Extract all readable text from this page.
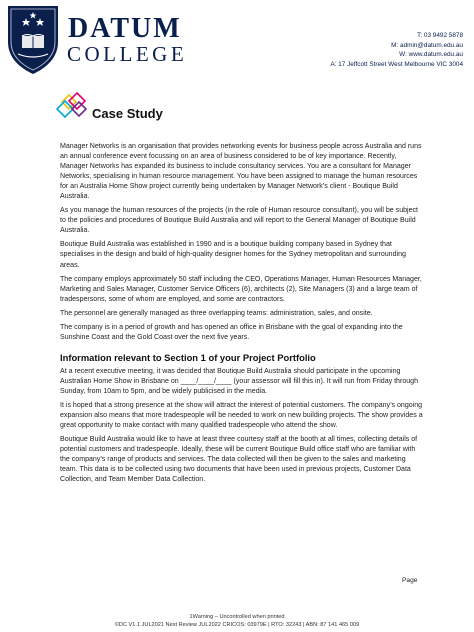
DATUM
COLLEGE
T: 03 9492 5878
M: admin@datum.edu.au
W: www.datum.edu.au
A: 17 Jeffcott Street West Melbourne VIC 3004
Case Study

Manager Networks is an organisation that provides networking events for business people across Australia and runs an annual conference event focussing on an area of business considered to be of key importance. Recently, Manager Networks has expanded its business to include consultancy services. You are a consultant for Manager Networks, specialising in human resource management. You have been assigned to manage the human resources for an Australia Home Show project currently being undertaken by Manager Network’s client - Boutique Build Australia.

As you manage the human resources of the projects (in the role of Human resource consultant), you will be subject to the policies and procedures of Boutique Build Australia and will report to the General Manager of Boutique Build Australia.

Boutique Build Australia was established in 1990 and is a boutique building company based in Sydney that specialises in the design and build of high-quality designer homes for the Sydney metropolitan and surrounding areas.

The company employs approximately 50 staff including the CEO, Operations Manager, Human Resources Manager, Marketing and Sales Manager, Customer Service Officers (6), architects (2), Site Managers (3) and a large team of tradespersons, some of whom are employed, and some are contractors.

The personnel are generally managed as three overlapping teams: administration, sales, and onsite.

The company is in a period of growth and has opened an office in Brisbane with the goal of expanding into the Sunshine Coast and the Gold Coast over the next five years.

Information relevant to Section 1 of your Project Portfolio

At a recent executive meeting, it was decided that Boutique Build Australia should participate in the upcoming Australian Home Show in Brisbane on ____/____/____ (your assessor will fill this in). It will run from Friday through Sunday, from 10am to 5pm, and be widely publicised in the media.

It is hoped that a strong presence at the show will attract the interest of potential customers. The company’s ongoing expansion also means that more tradespeople will be needed to work on new building projects. The show provides a great opportunity to make contact with many qualified tradespeople who attend the show.

Boutique Build Australia would like to have at least three courtesy staff at the booth at all times, collecting details of potential customers and tradespeople. Ideally, these will be current Boutique Build office staff who are familiar with the company’s range of products and services. The data collected will then be given to the sales and marketing team. This data is to be collected using two documents that have been used in previous projects, Customer Data Collection, and Team Member Data Collection.

Page
1Warning – Uncontrolled when printed
©DC V1.1 JUL2021 Next Review JUL2022 CRICOS: 03979E | RTO: 32243 | ABN: 87 141 465 009
